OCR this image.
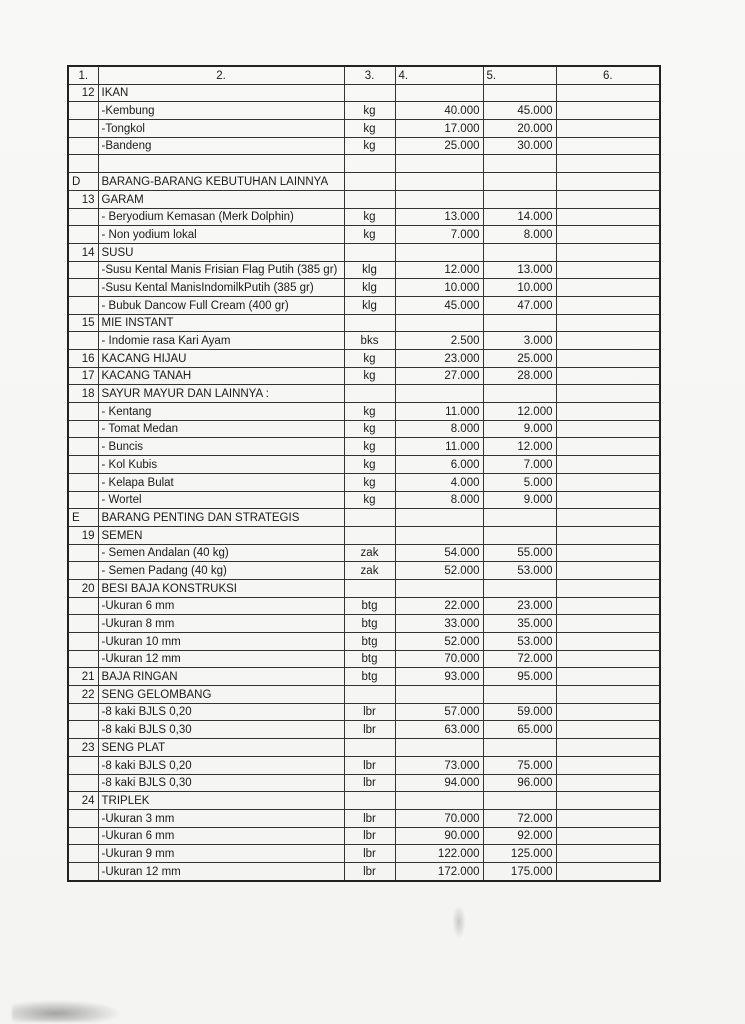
1.	2.	3.	4.	5.	6.
12	IKAN				
	-Kembung	kg	40.000	45.000	
	-Tongkol	kg	17.000	20.000	
	-Bandeng	kg	25.000	30.000	

D	BARANG-BARANG KEBUTUHAN LAINNYA				
13	GARAM				
	- Beryodium Kemasan (Merk Dolphin)	kg	13.000	14.000	
	- Non yodium lokal	kg	7.000	8.000	
14	SUSU				
	-Susu Kental Manis Frisian Flag Putih (385 gr)	klg	12.000	13.000	
	-Susu Kental ManisIndomilkPutih (385 gr)	klg	10.000	10.000	
	- Bubuk Dancow Full Cream (400 gr)	klg	45.000	47.000	
15	MIE INSTANT				
	- Indomie rasa Kari Ayam	bks	2.500	3.000	
16	KACANG HIJAU	kg	23.000	25.000	
17	KACANG TANAH	kg	27.000	28.000	
18	SAYUR MAYUR DAN LAINNYA :				
	- Kentang	kg	11.000	12.000	
	- Tomat Medan	kg	8.000	9.000	
	- Buncis	kg	11.000	12.000	
	- Kol Kubis	kg	6.000	7.000	
	- Kelapa Bulat	kg	4.000	5.000	
	- Wortel	kg	8.000	9.000	
E	BARANG PENTING DAN STRATEGIS				
19	SEMEN				
	- Semen Andalan (40 kg)	zak	54.000	55.000	
	- Semen Padang (40 kg)	zak	52.000	53.000	
20	BESI BAJA KONSTRUKSI				
	-Ukuran 6 mm	btg	22.000	23.000	
	-Ukuran 8 mm	btg	33.000	35.000	
	-Ukuran 10 mm	btg	52.000	53.000	
	-Ukuran 12 mm	btg	70.000	72.000	
21	BAJA RINGAN	btg	93.000	95.000	
22	SENG GELOMBANG				
	-8 kaki BJLS 0,20	lbr	57.000	59.000	
	-8 kaki BJLS 0,30	lbr	63.000	65.000	
23	SENG PLAT				
	-8 kaki BJLS 0,20	lbr	73.000	75.000	
	-8 kaki BJLS 0,30	lbr	94.000	96.000	
24	TRIPLEK				
	-Ukuran 3 mm	lbr	70.000	72.000	
	-Ukuran 6 mm	lbr	90.000	92.000	
	-Ukuran 9 mm	lbr	122.000	125.000	
	-Ukuran 12 mm	lbr	172.000	175.000	
